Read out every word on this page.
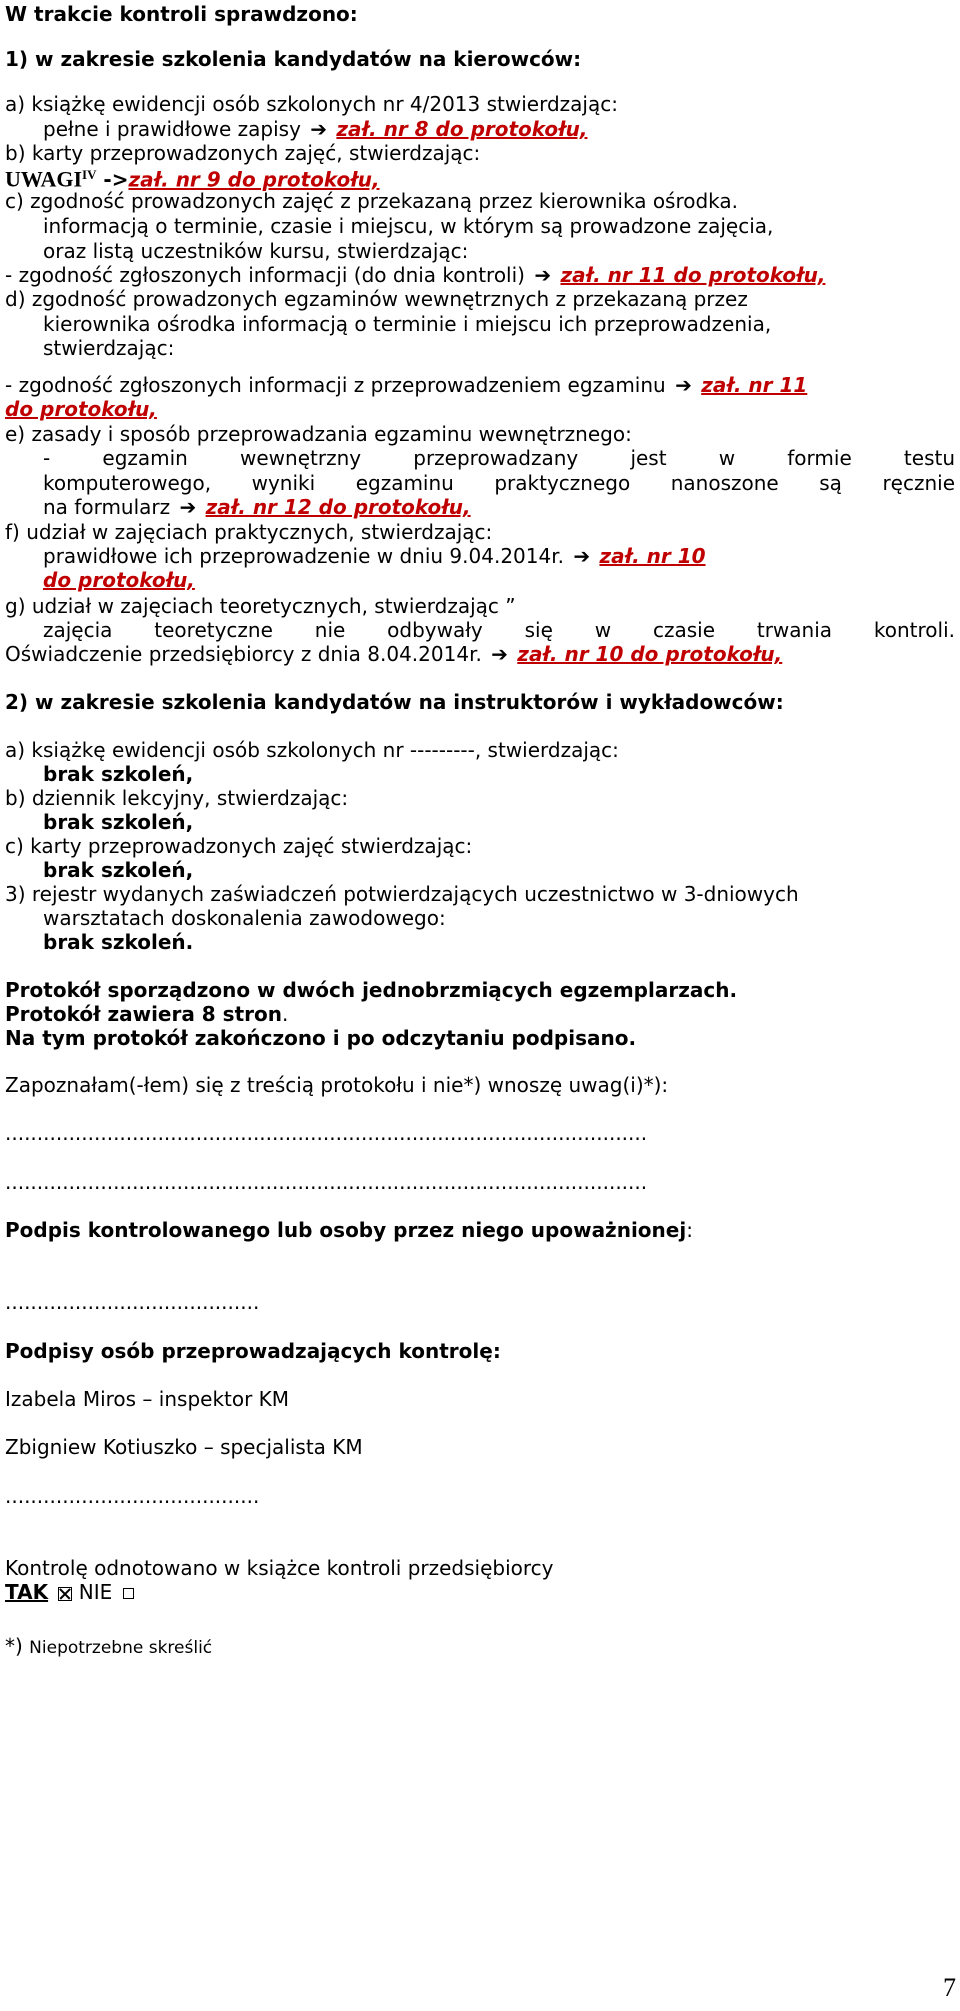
W trakcie kontroli sprawdzono:
1) w zakresie szkolenia kandydatów na kierowców:
a) książkę ewidencji osób szkolonych nr 4/2013 stwierdzając:
pełne i prawidłowe zapisy ➔ zał. nr 8 do protokołu,
b) karty przeprowadzonych zajęć, stwierdzając:
$UWAGI^{IV}$ ->zał. nr 9 do protokołu,
c) zgodność prowadzonych zajęć z przekazaną przez kierownika ośrodka.
informacją o terminie, czasie i miejscu, w którym są prowadzone zajęcia,
oraz listą uczestników kursu, stwierdzając:
- zgodność zgłoszonych informacji (do dnia kontroli) ➔ zał. nr 11 do protokołu,
d) zgodność prowadzonych egzaminów wewnętrznych z przekazaną przez
kierownika ośrodka informacją o terminie i miejscu ich przeprowadzenia,
stwierdzając:
- zgodność zgłoszonych informacji z przeprowadzeniem egzaminu ➔ zał. nr 11
do protokołu,
e) zasady i sposób przeprowadzania egzaminu wewnętrznego:
- egzamin wewnętrzny przeprowadzany jest w formie testu
komputerowego, wyniki egzaminu praktycznego nanoszone są ręcznie
na formularz ➔ zał. nr 12 do protokołu,
f) udział w zajęciach praktycznych, stwierdzając:
prawidłowe ich przeprowadzenie w dniu 9.04.2014r. ➔ zał. nr 10
do protokołu,
g) udział w zajęciach teoretycznych, stwierdzając ”
zajęcia teoretyczne nie odbywały się w czasie trwania kontroli.
Oświadczenie przedsiębiorcy z dnia 8.04.2014r. ➔ zał. nr 10 do protokołu,
2) w zakresie szkolenia kandydatów na instruktorów i wykładowców:
a) książkę ewidencji osób szkolonych nr ---------, stwierdzając:
brak szkoleń,
b) dziennik lekcyjny, stwierdzając:
brak szkoleń,
c) karty przeprowadzonych zajęć stwierdzając:
brak szkoleń,
3) rejestr wydanych zaświadczeń potwierdzających uczestnictwo w 3-dniowych
warsztatach doskonalenia zawodowego:
brak szkoleń.
Protokół sporządzono w dwóch jednobrzmiących egzemplarzach.
Protokół zawiera 8 stron.
Na tym protokół zakończono i po odczytaniu podpisano.
Zapoznałam(-łem) się z treścią protokołu i nie*) wnoszę uwag(i)*):
.....................................................................................................
.....................................................................................................
Podpis kontrolowanego lub osoby przez niego upoważnionej:
........................................
Podpisy osób przeprowadzających kontrolę:
Izabela Miros – inspektor KM
Zbigniew Kotiuszko – specjalista KM
........................................
Kontrolę odnotowano w książce kontroli przedsiębiorcy
TAK NIE
*) Niepotrzebne skreślić
7
